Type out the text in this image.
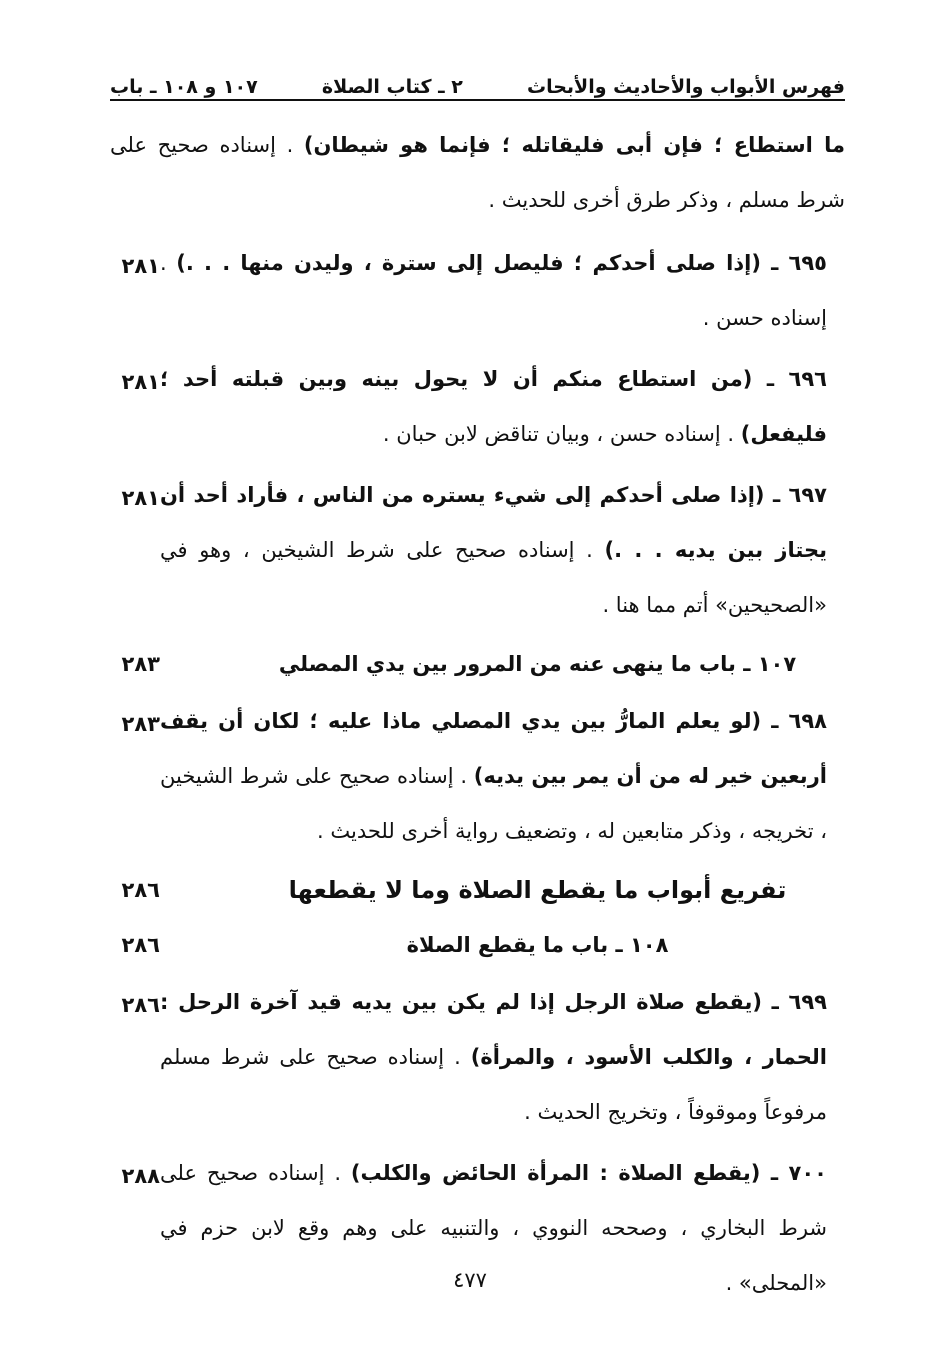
فهرس الأبواب والأحاديث والأبحاث
٢ ـ كتاب الصلاة
١٠٧ و ١٠٨ ـ باب

ما استطاع ؛ فإن أبى فليقاتله ؛ فإنما هو شيطان) . إسناده صحيح على شرط مسلم ، وذكر طرق أخرى للحديث .

٦٩٥ ـ (إذا صلى أحدكم ؛ فليصل إلى سترة ، وليدن منها . . .) . إسناده حسن .
٢٨١
٦٩٦ ـ (من استطاع منكم أن لا يحول بينه وبين قبلته أحد ؛ فليفعل) . إسناده حسن ، وبيان تناقض لابن حبان .
٢٨١
٦٩٧ ـ (إذا صلى أحدكم إلى شيء يستره من الناس ، فأراد أحد أن يجتاز بين يديه . . .) . إسناده صحيح على شرط الشيخين ، وهو في «الصحيحين» أتم مما هنا .
٢٨١
١٠٧ ـ باب ما ينهى عنه من المرور بين يدي المصلي
٢٨٣
٦٩٨ ـ (لو يعلم المارُّ بين يدي المصلي ماذا عليه ؛ لكان أن يقف أربعين خير له من أن يمر بين يديه) . إسناده صحيح على شرط الشيخين ، تخريجه ، وذكر متابعين له ، وتضعيف رواية أخرى للحديث .
٢٨٣
تفريع أبواب ما يقطع الصلاة وما لا يقطعها
٢٨٦
١٠٨ ـ باب ما يقطع الصلاة
٢٨٦
٦٩٩ ـ (يقطع صلاة الرجل إذا لم يكن بين يديه قيد آخرة الرحل : الحمار ، والكلب الأسود ، والمرأة) . إسناده صحيح على شرط مسلم مرفوعاً وموقوفاً ، وتخريج الحديث .
٢٨٦
٧٠٠ ـ (يقطع الصلاة : المرأة الحائض والكلب) . إسناده صحيح على شرط البخاري ، وصححه النووي ، والتنبيه على وهم وقع لابن حزم في «المحلى» .
٢٨٨
٤٧٧
